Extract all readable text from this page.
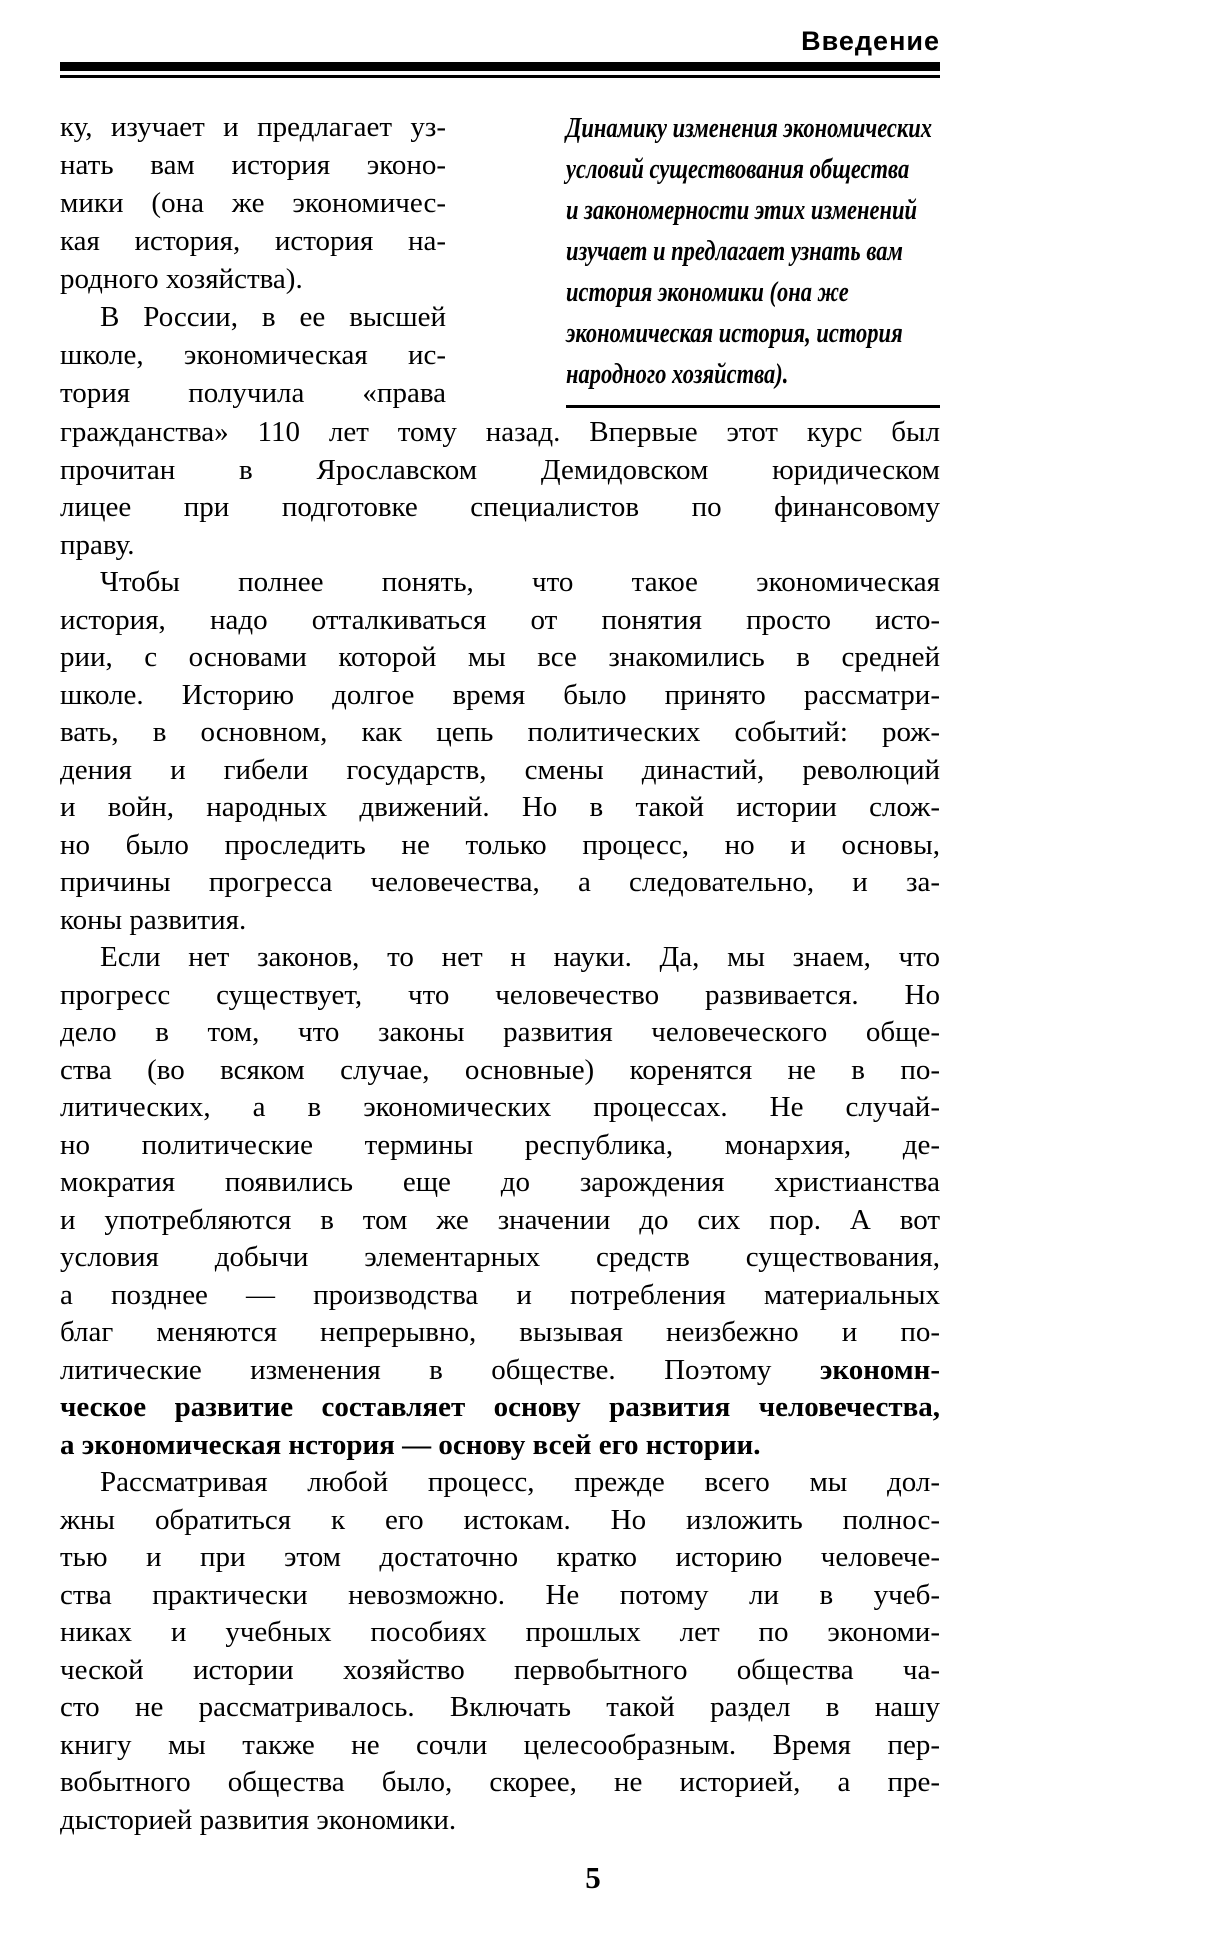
Введение
ку, изучает и предлагает уз-
нать вам история эконо-
мики (она же экономичес-
кая история, история на-
родного хозяйства).
В России, в ее высшей
школе, экономическая ис-
тория получила «права
Динамику изменения экономических
условий существования общества
и закономерности этих изменений
изучает и предлагает узнать вам
история экономики (она же
экономическая история, история
народного хозяйства).
гражданства» 110 лет тому назад. Впервые этот курс был
прочитан в Ярославском Демидовском юридическом
лицее при подготовке специалистов по финансовому
праву.
Чтобы полнее понять, что такое экономическая
история, надо отталкиваться от понятия просто исто-
рии, с основами которой мы все знакомились в средней
школе. Историю долгое время было принято рассматри-
вать, в основном, как цепь политических событий: рож-
дения и гибели государств, смены династий, революций
и войн, народных движений. Но в такой истории слож-
но было проследить не только процесс, но и основы,
причины прогресса человечества, а следовательно, и за-
коны развития.
Если нет законов, то нет н науки. Да, мы знаем, что
прогресс существует, что человечество развивается. Но
дело в том, что законы развития человеческого обще-
ства (во всяком случае, основные) коренятся не в по-
литических, а в экономических процессах. Не случай-
но политические термины республика, монархия, де-
мократия появились еще до зарождения христианства
и употребляются в том же значении до сих пор. А вот
условия добычи элементарных средств существования,
а позднее — производства и потребления материальных
благ меняются непрерывно, вызывая неизбежно и по-
литические изменения в обществе. Поэтому экономн-
ческое развитие составляет основу развития человечества,
а экономическая нстория — основу всей его нстории.
Рассматривая любой процесс, прежде всего мы дол-
жны обратиться к его истокам. Но изложить полнос-
тью и при этом достаточно кратко историю человече-
ства практически невозможно. Не потому ли в учеб-
никах и учебных пособиях прошлых лет по экономи-
ческой истории хозяйство первобытного общества ча-
сто не рассматривалось. Включать такой раздел в нашу
книгу мы также не сочли целесообразным. Время пер-
вобытного общества было, скорее, не историей, а пре-
дысторией развития экономики.
5
